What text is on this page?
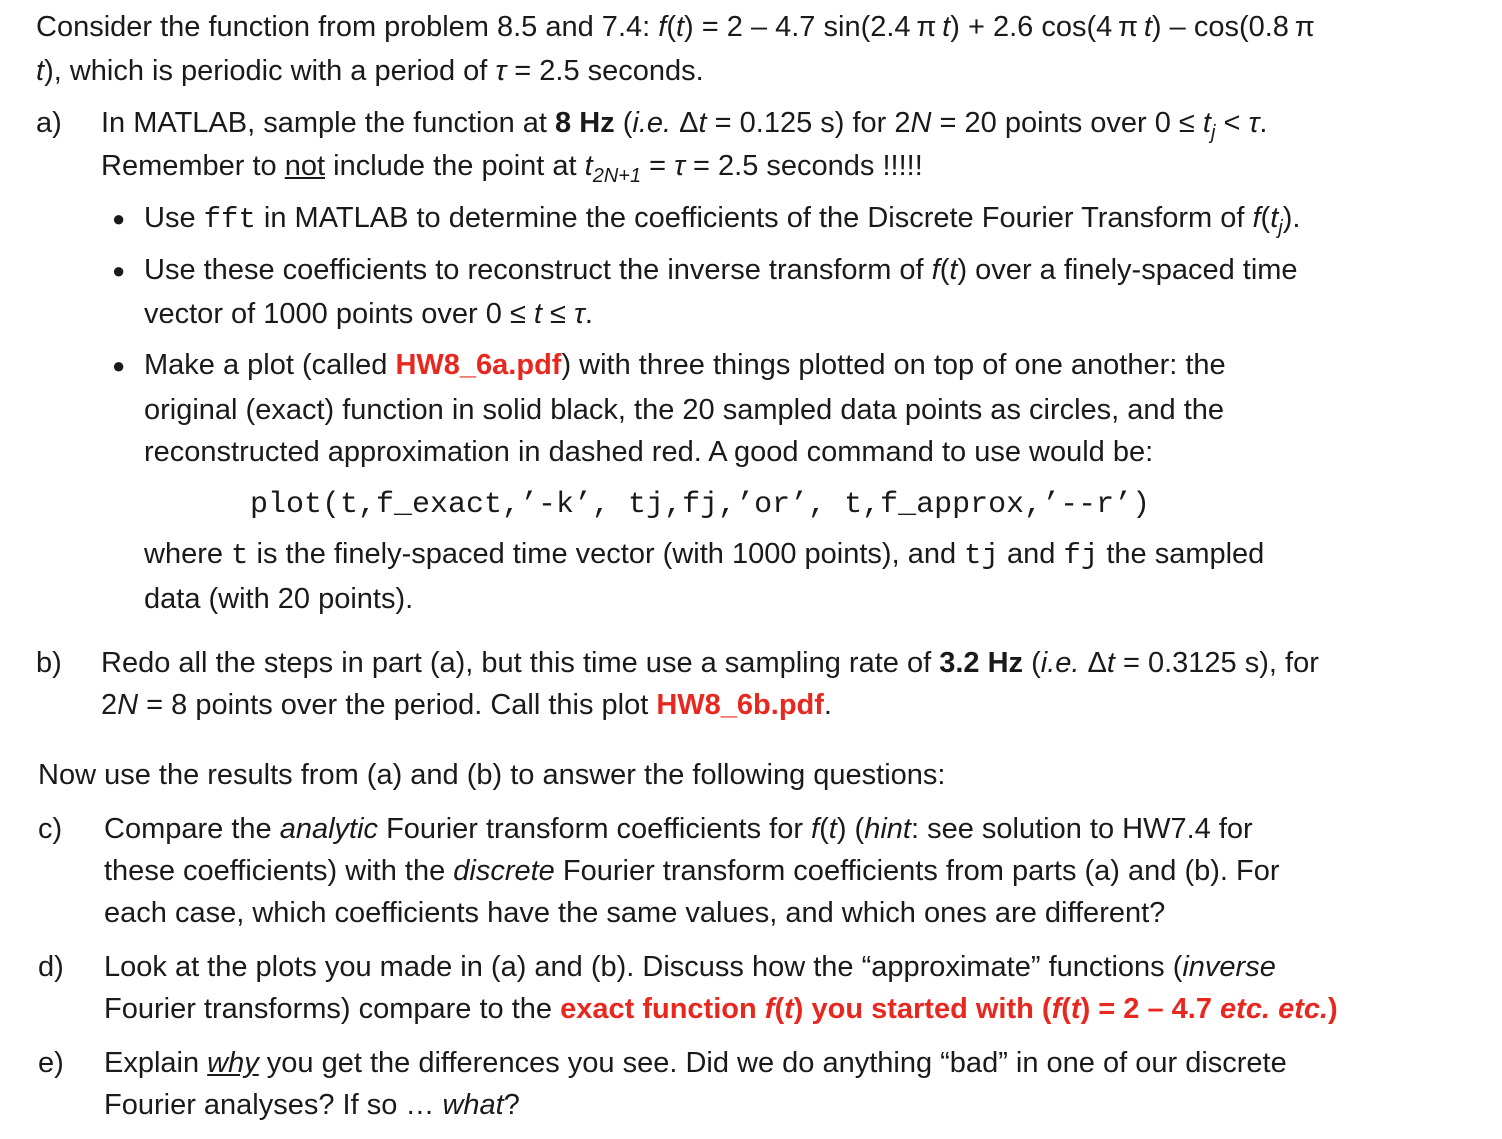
Consider the function from problem 8.5 and 7.4: f(t) = 2 – 4.7 sin(2.4 π t) + 2.6 cos(4 π t) – cos(0.8 π
t), which is periodic with a period of τ = 2.5 seconds.
a) In MATLAB, sample the function at 8 Hz (i.e. Δt = 0.125 s) for 2N = 20 points over $0 \le t_j < \tau$.
Remember to not include the point at $t_{2N+1} = \tau = 2.5$ seconds !!!!!
● Use fft in MATLAB to determine the coefficients of the Discrete Fourier Transform of $f(t_j)$.
● Use these coefficients to reconstruct the inverse transform of f(t) over a finely-spaced time
vector of 1000 points over 0 ≤ t ≤ τ.
● Make a plot (called HW8_6a.pdf) with three things plotted on top of one another: the
original (exact) function in solid black, the 20 sampled data points as circles, and the
reconstructed approximation in dashed red. A good command to use would be:
plot(t,f_exact,’-k’, tj,fj,’or’, t,f_approx,’--r’)
where t is the finely-spaced time vector (with 1000 points), and tj and fj the sampled
data (with 20 points).
b) Redo all the steps in part (a), but this time use a sampling rate of 3.2 Hz (i.e. Δt = 0.3125 s), for
2N = 8 points over the period. Call this plot HW8_6b.pdf.
Now use the results from (a) and (b) to answer the following questions:
c) Compare the analytic Fourier transform coefficients for f(t) (hint: see solution to HW7.4 for
these coefficients) with the discrete Fourier transform coefficients from parts (a) and (b). For
each case, which coefficients have the same values, and which ones are different?
d) Look at the plots you made in (a) and (b). Discuss how the “approximate” functions (inverse
Fourier transforms) compare to the exact function f(t) you started with (f(t) = 2 – 4.7 etc. etc.)
e) Explain why you get the differences you see. Did we do anything “bad” in one of our discrete
Fourier analyses? If so … what?
